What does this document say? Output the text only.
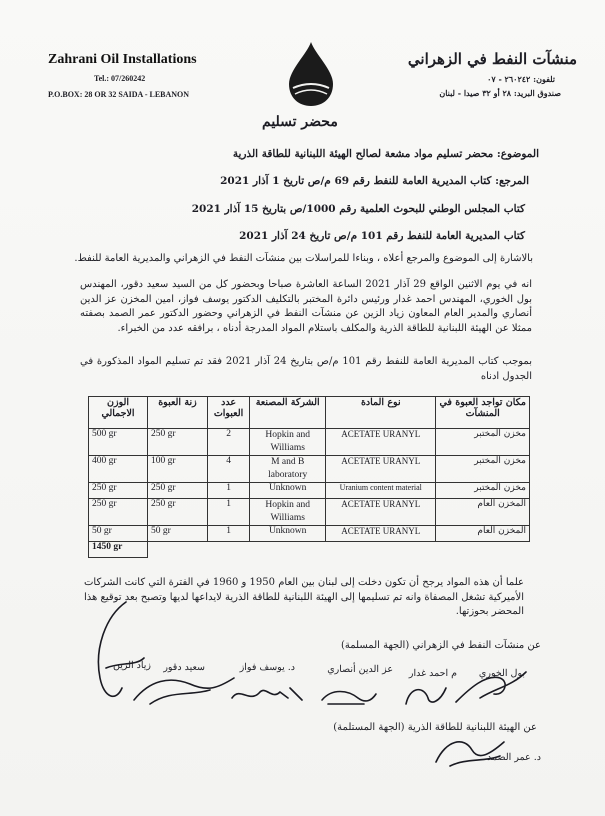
Zahrani Oil Installations
Tel.: 07/260242
P.O.BOX: 28 OR 32 SAIDA - LEBANON
منشآت النفط في الزهراني
تلفون: ٢٦٠٢٤٢ - ٠٧
صندوق البريد: ٢٨ أو ٣٢ صيدا - لبنان
محضر تسليم
الموضوع: محضر تسليم مواد مشعة لصالح الهيئة اللبنانية للطاقة الذرية
المرجع: كتاب المديرية العامة للنفط رقم 69 م/ص تاريخ 1 آذار 2021
كتاب المجلس الوطني للبحوث العلمية رقم 1000/ص بتاريخ 15 آذار 2021
كتاب المديرية العامة للنفط رقم 101 م/ص تاريخ 24 آذار 2021
بالاشارة إلى الموضوع والمرجع أعلاه ، وبناءا للمراسلات بين منشآت النفط في الزهراني والمديرية العامة للنفط.
انه في يوم الاثنين الواقع 29 آذار 2021 الساعة العاشرة صباحا وبحضور كل من السيد سعيد دقور، المهندس بول الخوري، المهندس احمد غدار ورئيس دائرة المختبر بالتكليف الدكتور يوسف فواز، امين المخزن عز الدين أنصاري والمدير العام المعاون زياد الزين عن منشآت النفط في الزهراني وحضور الدكتور عمر الصمد بصفته ممثلا عن الهيئة اللبنانية للطاقة الذرية والمكلف باستلام المواد المدرجة أدناه ، برافقه عدد من الخبراء.
بموجب كتاب المديرية العامة للنفط رقم 101 م/ص بتاريخ 24 آذار 2021 فقد تم تسليم المواد المذكورة في الجدول ادناه
الوزن الاجمالي	زنة العبوة	عدد العبوات	الشركة المصنعة	نوع المادة	مكان تواجد العبوة في المنشآت
500 gr	250 gr	2	Hopkin and Williams	ACETATE URANYL	مخزن المختبر
400 gr	100 gr	4	M and B laboratory	ACETATE URANYL	مخزن المختبر
250 gr	250 gr	1	Unknown	Uranium content material	مخزن المختبر
250 gr	250 gr	1	Hopkin and Williams	ACETATE URANYL	المخزن العام
50 gr	50 gr	1	Unknown	ACETATE URANYL	المخزن العام
1450 gr					
علما أن هذه المواد يرجح أن تكون دخلت إلى لبنان بين العام 1950 و 1960 في الفترة التي كانت الشركات الأميركية تشغل المصفاة وانه تم تسليمها إلى الهيئة اللبنانية للطاقة الذرية لايداعها لديها وتصبح بعد توقيع هذا المحضر بحوزتها.
عن منشآت النفط في الزهراني (الجهة المسلمة)
بول الخوري
م احمد غدار
عز الدين أنصاري
د. يوسف فواز
سعيد دقور
زياد الزين
عن الهيئة اللبنانية للطاقة الذرية (الجهة المستلمة)
د. عمر الصمد
